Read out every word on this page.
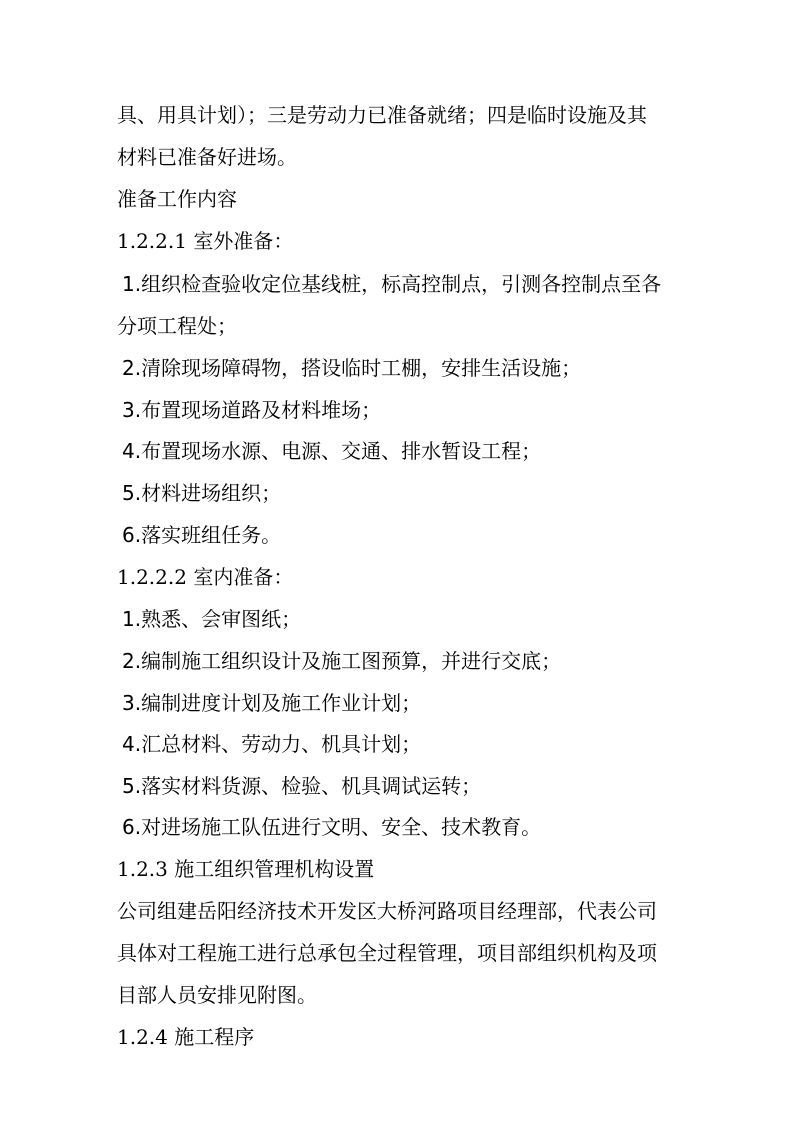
具、用具计划）；三是劳动力已准备就绪；四是临时设施及其
材料已准备好进场。
准备工作内容
1.2.2.1 室外准备：
1.组织检查验收定位基线桩，标高控制点，引测各控制点至各
分项工程处；
2.清除现场障碍物，搭设临时工棚，安排生活设施；
3.布置现场道路及材料堆场；
4.布置现场水源、电源、交通、排水暂设工程；
5.材料进场组织；
6.落实班组任务。
1.2.2.2 室内准备：
1.熟悉、会审图纸；
2.编制施工组织设计及施工图预算，并进行交底；
3.编制进度计划及施工作业计划；
4.汇总材料、劳动力、机具计划；
5.落实材料货源、检验、机具调试运转；
6.对进场施工队伍进行文明、安全、技术教育。
1.2.3 施工组织管理机构设置
公司组建岳阳经济技术开发区大桥河路项目经理部，代表公司
具体对工程施工进行总承包全过程管理，项目部组织机构及项
目部人员安排见附图。
1.2.4 施工程序
